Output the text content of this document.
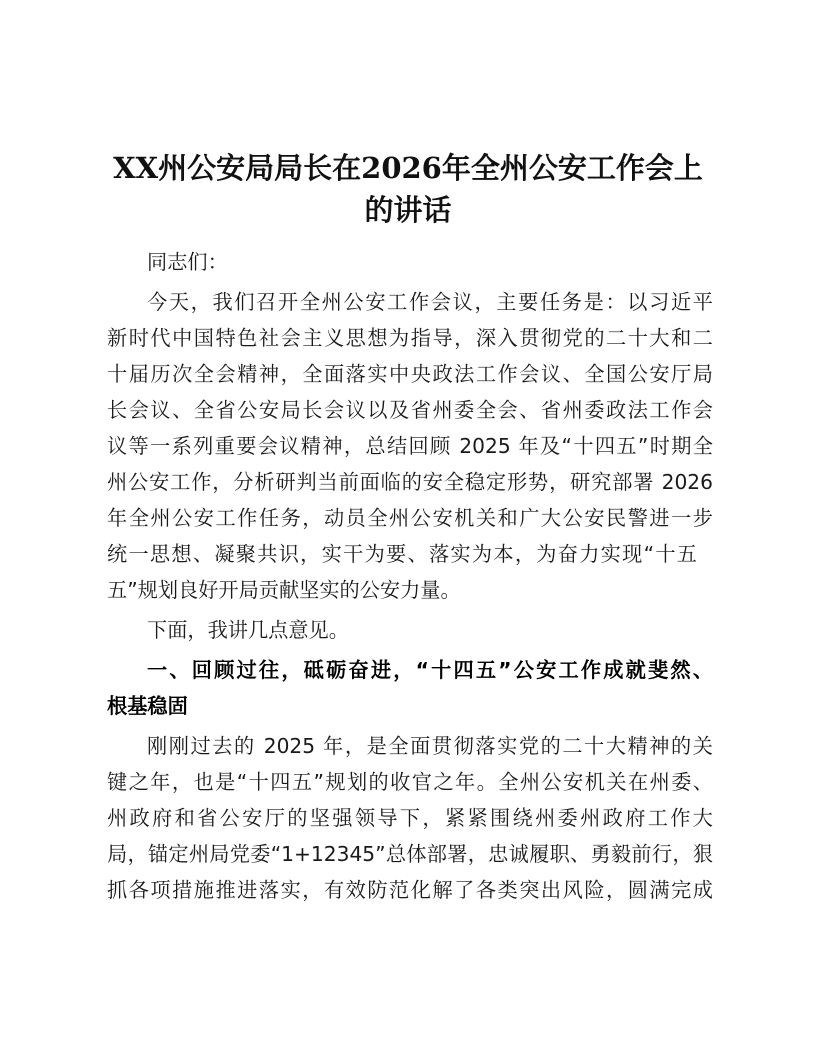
XX州公安局局长在2026年全州公安工作会上
的讲话
同志们：
今天，我们召开全州公安工作会议，主要任务是：以习近平
新时代中国特色社会主义思想为指导，深入贯彻党的二十大和二
十届历次全会精神，全面落实中央政法工作会议、全国公安厅局
长会议、全省公安局长会议以及省州委全会、省州委政法工作会
议等一系列重要会议精神，总结回顾 2025 年及“十四五”时期全
州公安工作，分析研判当前面临的安全稳定形势，研究部署 2026
年全州公安工作任务，动员全州公安机关和广大公安民警进一步
统一思想、凝聚共识，实干为要、落实为本，为奋力实现“十五
五”规划良好开局贡献坚实的公安力量。
下面，我讲几点意见。
一、回顾过往，砥砺奋进，“十四五”公安工作成就斐然、
根基稳固
刚刚过去的 2025 年，是全面贯彻落实党的二十大精神的关
键之年，也是“十四五”规划的收官之年。全州公安机关在州委、
州政府和省公安厅的坚强领导下，紧紧围绕州委州政府工作大
局，锚定州局党委“1+12345”总体部署，忠诚履职、勇毅前行，狠
抓各项措施推进落实，有效防范化解了各类突出风险，圆满完成
